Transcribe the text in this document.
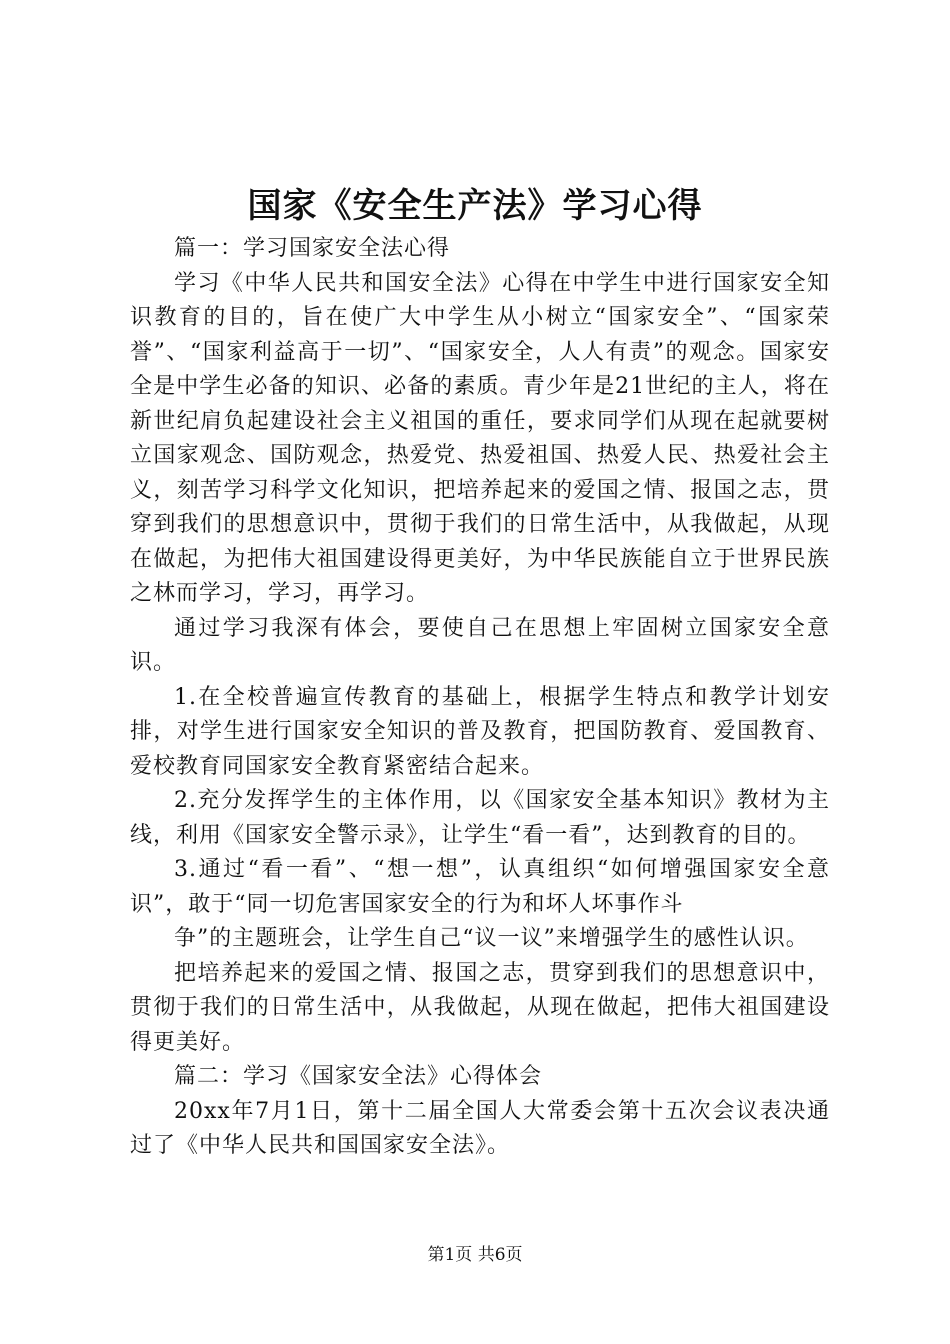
国家《安全生产法》学习心得

篇一：学习国家安全法心得

学习《中华人民共和国安全法》心得在中学生中进行国家安全知识教育的目的，旨在使广大中学生从小树立“国家安全”、“国家荣誉”、“国家利益高于一切”、“国家安全，人人有责”的观念。国家安全是中学生必备的知识、必备的素质。青少年是21世纪的主人，将在新世纪肩负起建设社会主义祖国的重任，要求同学们从现在起就要树立国家观念、国防观念，热爱党、热爱祖国、热爱人民、热爱社会主义，刻苦学习科学文化知识，把培养起来的爱国之情、报国之志，贯穿到我们的思想意识中，贯彻于我们的日常生活中，从我做起，从现在做起，为把伟大祖国建设得更美好，为中华民族能自立于世界民族之林而学习，学习，再学习。

通过学习我深有体会，要使自己在思想上牢固树立国家安全意识。

1.在全校普遍宣传教育的基础上，根据学生特点和教学计划安排，对学生进行国家安全知识的普及教育，把国防教育、爱国教育、爱校教育同国家安全教育紧密结合起来。

2.充分发挥学生的主体作用，以《国家安全基本知识》教材为主线，利用《国家安全警示录》，让学生“看一看”，达到教育的目的。

3.通过“看一看”、“想一想”，认真组织“如何增强国家安全意识”，敢于“同一切危害国家安全的行为和坏人坏事作斗

争”的主题班会，让学生自己“议一议”来增强学生的感性认识。

把培养起来的爱国之情、报国之志，贯穿到我们的思想意识中，贯彻于我们的日常生活中，从我做起，从现在做起，把伟大祖国建设得更美好。

篇二：学习《国家安全法》心得体会

20xx年7月1日，第十二届全国人大常委会第十五次会议表决通过了《中华人民共和国国家安全法》。

第1页 共6页
